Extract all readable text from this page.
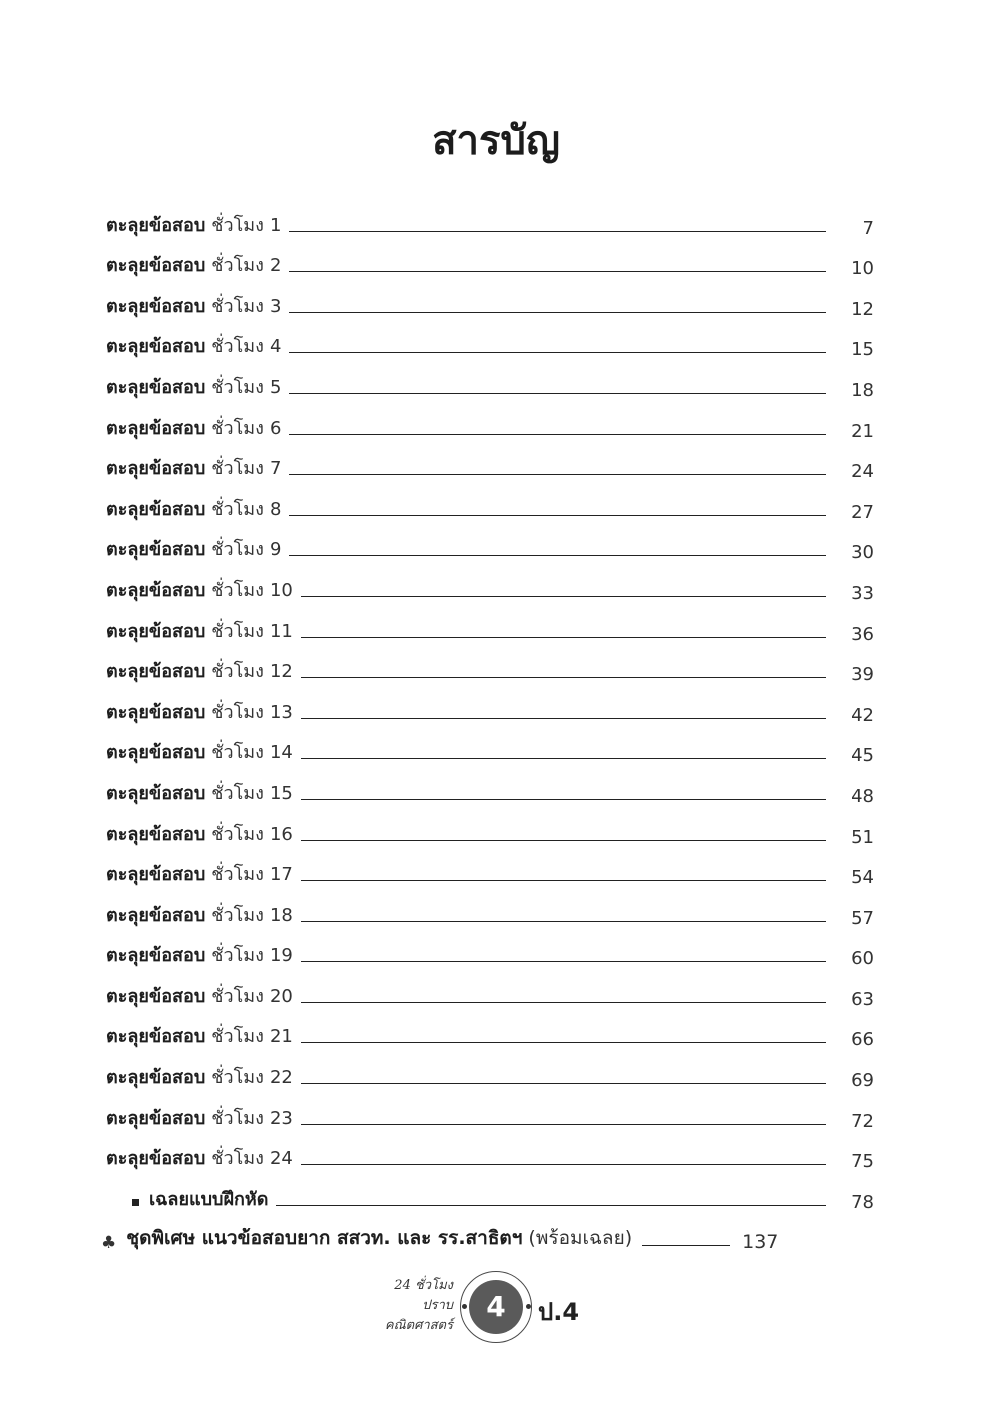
สารบัญ
ตะลุยข้อสอบ ชั่วโมง 1	7
ตะลุยข้อสอบ ชั่วโมง 2	10
ตะลุยข้อสอบ ชั่วโมง 3	12
ตะลุยข้อสอบ ชั่วโมง 4	15
ตะลุยข้อสอบ ชั่วโมง 5	18
ตะลุยข้อสอบ ชั่วโมง 6	21
ตะลุยข้อสอบ ชั่วโมง 7	24
ตะลุยข้อสอบ ชั่วโมง 8	27
ตะลุยข้อสอบ ชั่วโมง 9	30
ตะลุยข้อสอบ ชั่วโมง 10	33
ตะลุยข้อสอบ ชั่วโมง 11	36
ตะลุยข้อสอบ ชั่วโมง 12	39
ตะลุยข้อสอบ ชั่วโมง 13	42
ตะลุยข้อสอบ ชั่วโมง 14	45
ตะลุยข้อสอบ ชั่วโมง 15	48
ตะลุยข้อสอบ ชั่วโมง 16	51
ตะลุยข้อสอบ ชั่วโมง 17	54
ตะลุยข้อสอบ ชั่วโมง 18	57
ตะลุยข้อสอบ ชั่วโมง 19	60
ตะลุยข้อสอบ ชั่วโมง 20	63
ตะลุยข้อสอบ ชั่วโมง 21	66
ตะลุยข้อสอบ ชั่วโมง 22	69
ตะลุยข้อสอบ ชั่วโมง 23	72
ตะลุยข้อสอบ ชั่วโมง 24	75
เฉลยแบบฝึกหัด	78
♣ ชุดพิเศษ แนวข้อสอบยาก สสวท. และ รร.สาธิตฯ (พร้อมเฉลย)	137
24 ชั่วโมง
ปราบ
คณิตศาสตร์
4	ป.4
